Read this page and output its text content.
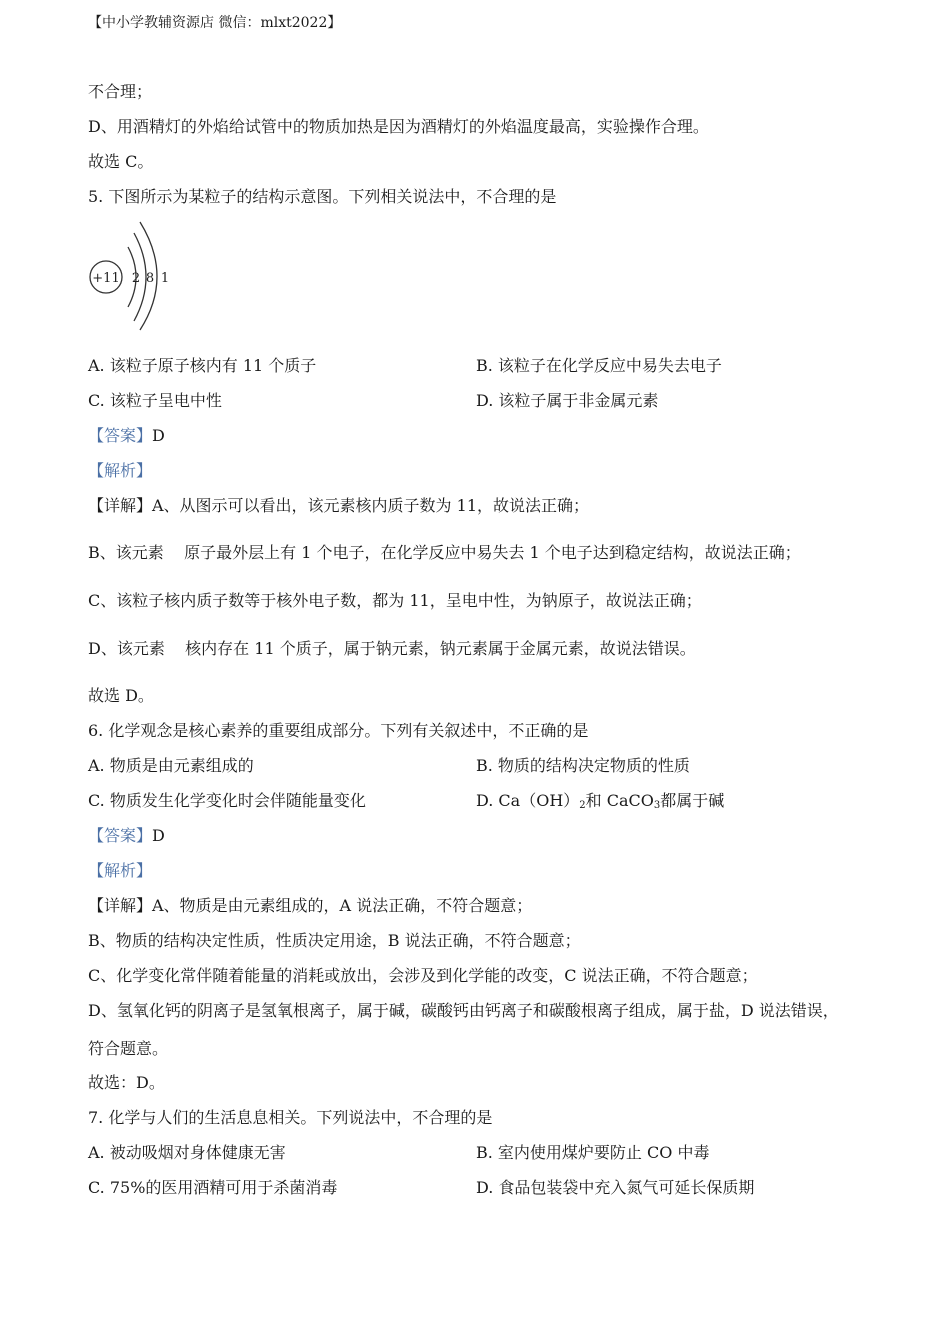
【中小学教辅资源店 微信：mlxt2022】
不合理；
D、用酒精灯的外焰给试管中的物质加热是因为酒精灯的外焰温度最高，实验操作合理。
故选 C。
5. 下图所示为某粒子的结构示意图。下列相关说法中，不合理的是
+11 2 8 1
A. 该粒子原子核内有 11 个质子	B. 该粒子在化学反应中易失去电子
C. 该粒子呈电中性	D. 该粒子属于非金属元素
【答案】D
【解析】
【详解】A、从图示可以看出，该元素核内质子数为 11，故说法正确；
B、该元素    原子最外层上有 1 个电子，在化学反应中易失去 1 个电子达到稳定结构，故说法正确；
C、该粒子核内质子数等于核外电子数，都为 11，呈电中性，为钠原子，故说法正确；
D、该元素    核内存在 11 个质子，属于钠元素，钠元素属于金属元素，故说法错误。
故选 D。
6. 化学观念是核心素养的重要组成部分。下列有关叙述中，不正确的是
A. 物质是由元素组成的	B. 物质的结构决定物质的性质
C. 物质发生化学变化时会伴随能量变化	D. $Ca(OH)_2$和 CaCO$_3$都属于碱
【答案】D
【解析】
【详解】A、物质是由元素组成的，A 说法正确，不符合题意；
B、物质的结构决定性质，性质决定用途，B 说法正确，不符合题意；
C、化学变化常伴随着能量的消耗或放出，会涉及到化学能的改变，C 说法正确，不符合题意；
D、氢氧化钙的阴离子是氢氧根离子，属于碱，碳酸钙由钙离子和碳酸根离子组成，属于盐，D 说法错误，
符合题意。
故选：D。
7. 化学与人们的生活息息相关。下列说法中，不合理的是
A. 被动吸烟对身体健康无害	B. 室内使用煤炉要防止 CO 中毒
C. 75%的医用酒精可用于杀菌消毒	D. 食品包装袋中充入氮气可延长保质期
